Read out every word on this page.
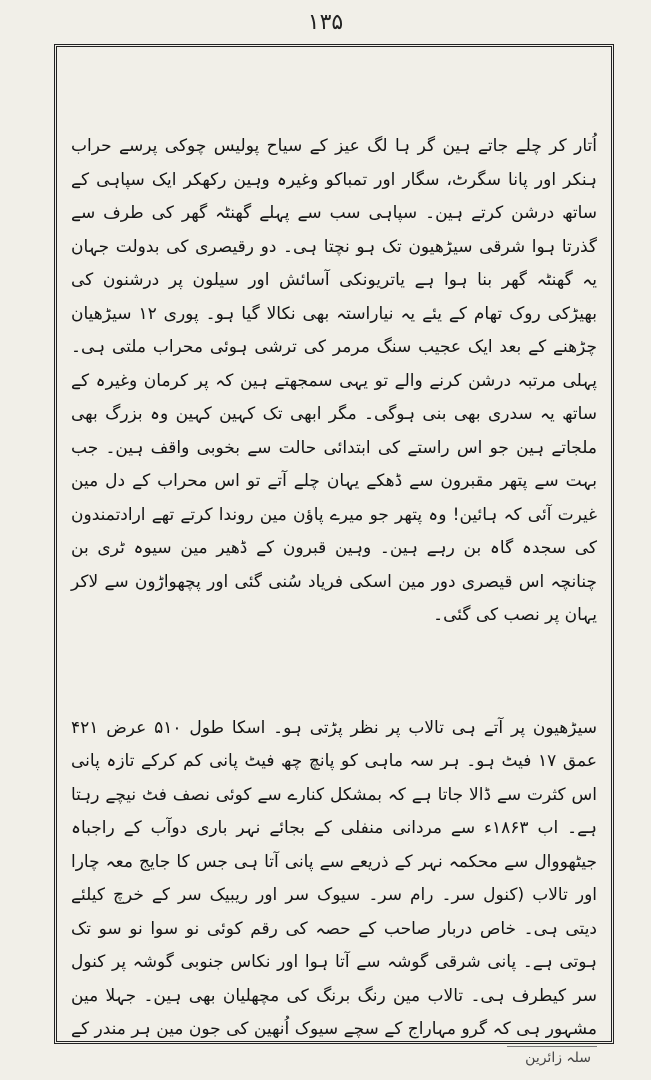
۱۳۵

اُتار کر چلے جاتے ہین گر ہا لگ عیز کے سیاح پولیس چوکی پرسے حراب ہنکر اور پانا سگرٹ، سگار اور تمباکو وغیرہ وہین رکھکر ایک سپاہی کے ساتھ درشن کرتے ہین۔ سپاہی سب سے پہلے گھنٹہ گھر کی طرف سے گذرتا ہوا شرقی سیڑھیون تک ہو نچتا ہی۔ دو رقیصری کی بدولت جہان یہ گھنٹہ گھر بنا ہوا ہے یاتریونکی آسائش اور سیلون پر درشنون کی بھیڑکی روک تھام کے یئے یہ نیاراستہ بھی نکالا گیا ہو۔ پوری ۱۲ سیڑھیان چڑھنے کے بعد ایک عجیب سنگ مرمر کی ترشی ہوئی محراب ملتی ہی۔ پہلی مرتبہ درشن کرنے والے تو یہی سمجھتے ہین کہ پر کرمان وغیرہ کے ساتھ یہ سدری بھی بنی ہوگی۔ مگر ابھی تک کہین کہین وہ بزرگ بھی ملجاتے ہین جو اس راستے کی ابتدائی حالت سے بخوبی واقف ہین۔ جب بہت سے پتھر مقبرون سے ڈھکے یہان چلے آتے تو اس محراب کے دل مین غیرت آئی کہ ہائین! وہ پتھر جو میرے پاؤن مین روندا کرتے تھے ارادتمندون کی سجدہ گاہ بن رہے ہین۔ وہین قبرون کے ڈھیر مین سیوہ ٹری بن چنانچہ اس قیصری دور مین اسکی فریاد سُنی گئی اور پچھواڑون سے لاکر یہان پر نصب کی گئی۔

سیڑھیون پر آتے ہی تالاب پر نظر پڑتی ہو۔ اسکا طول ۵۱۰ عرض ۴۲۱ عمق ۱۷ فیٹ ہو۔ ہر سہ ماہی کو پانچ چھ فیٹ پانی کم کرکے تازہ پانی اس کثرت سے ڈالا جاتا ہے کہ بمشکل کنارے سے کوئی نصف فٹ نیچے رہتا ہے۔ اب ۱۸۶۳ء سے مردانی منفلی کے بجائے نہر باری دوآب کے راجباہ جیٹھووال سے محکمہ نہر کے ذریعے سے پانی آتا ہی جس کا جایج معہ چارا اور تالاب (کنول سر۔ رام سر۔ سیوک سر اور ریبیک سر کے خرچ کیلئے دیتی ہی۔ خاص دربار صاحب کے حصہ کی رقم کوئی نو سوا نو سو تک ہوتی ہے۔ پانی شرقی گوشہ سے آتا ہوا اور نکاس جنوبی گوشہ پر کنول سر کیطرف ہی۔ تالاب مین رنگ برنگ کی مچھلیان بھی ہین۔ جہلا مین مشہور ہی کہ گرو مہاراج کے سچے سیوک اُنھین کی جون مین ہر مندر کے

سلہ زائرین
